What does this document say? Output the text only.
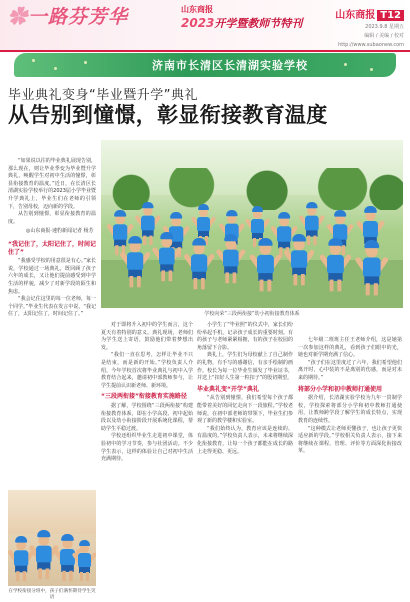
✿一路芬芳华	山东商报
2023开学暨教师节特刊
山东商报 T12
2023.9.8 星期五
编辑 / 美编 / 校对
http://www.subaonew.com
济南市长清区长清湖实验学校
毕业典礼变身“毕业暨升学”典礼
从告别到憧憬，彰显衔接教育温度
学校向荣“三段两衔接”幼小初衔接教育体系

“如果说以往的毕业典礼展现告别，那么现在，则让毕业季变为毕业暨升学典礼，唤醒学生对初中生活的憧憬，彰显衔接教育的温度。”近日，在长清区长清湖实验学校举行的2023届小学毕业暨升学典礼上，毕业生们在老师的引领下，告别母校，迈向新的学段。

从告别到憧憬，彰显衔接教育的温度。

◎山东商报·速豹新闻记者 杨芳
“我记住了，太阳记住了，时间记住了”

“我感受学校的用意很是有心。”家长说，学校通过一场典礼，既回顾了孩子六年的成长，又让他们提前感受到中学生活的样貌，减少了对新学段的陌生和焦虑。

“我会记住这里的每一位老师，每一个同学。”毕业生代表在发言中说，“我记住了，太阳记住了，时间记住了。”

在学校衔接分班中，孩子们满怀期待学生笑语

对于即将升入初中的学生而言，这个夏天有着特别的意义。典礼现场，老师们为学生送上寄语，鼓励他们带着梦想出发。

“我们一直在思考，怎样让毕业不只是结束，而是新的开始。”学校负责人介绍，今年学校首次将毕业典礼与初中入学教育结合起来，邀请初中部教师参与，让学生提前认识新老师、新环境。

“三段两衔接”衔接教育实施路径

据了解，学校围绕“三段两衔接”构建衔接教育体系，即在小学高段、初中起始段以及幼小衔接阶段开展系统化课程，帮助学生平稳过渡。

学校还组织毕业生走进初中课堂，体验初中的学习节奏，参与社团活动。不少学生表示，这样的体验让自己对初中生活充满期待。

小学生了“毕业照”的仪式中，家长们纷纷举起手机，记录孩子成长的重要时刻。有的孩子与老师紧紧相拥，有的孩子在校园的角落留下合影。

典礼上，学生们为母校献上了自己制作的礼物，有手写的感谢信，有亲手绘制的画作。校长为每一位毕业生颁发了毕业证书，并送上“扣好人生第一粒扣子”的殷切期望。

毕业典礼变“开学”典礼

“从告别到憧憬，我们希望每个孩子都能带着美好的回忆走向下一段旅程。”学校老师说，在初中部老师的带领下，毕业生们参观了新的教学楼和实验室。

“我们始终认为，教育应该是连续的、有温度的。”学校负责人表示，未来将继续深化衔接教育，让每一个孩子都能在成长的路上走得更稳、更远。

七年级二班班主任王老师介绍，这是她第一次参加这样的典礼，看到孩子们眼中的光，她也对新学期充满了信心。

“孩子们在这里度过了六年，我们希望他们离开时，心中装的不是离别的伤感，而是对未来的期待。”

将部分小学和初中教师打通使用

据介绍，长清湖实验学校为九年一贯制学校，学校探索将部分小学和初中教师打通使用，让教师跨学段了解学生的成长特点，实现教育的连续性。

“这种模式让老师更懂孩子，也让孩子更快适应新的学段。”学校相关负责人表示，接下来将继续在课程、管理、评价等方面深化衔接改革。
